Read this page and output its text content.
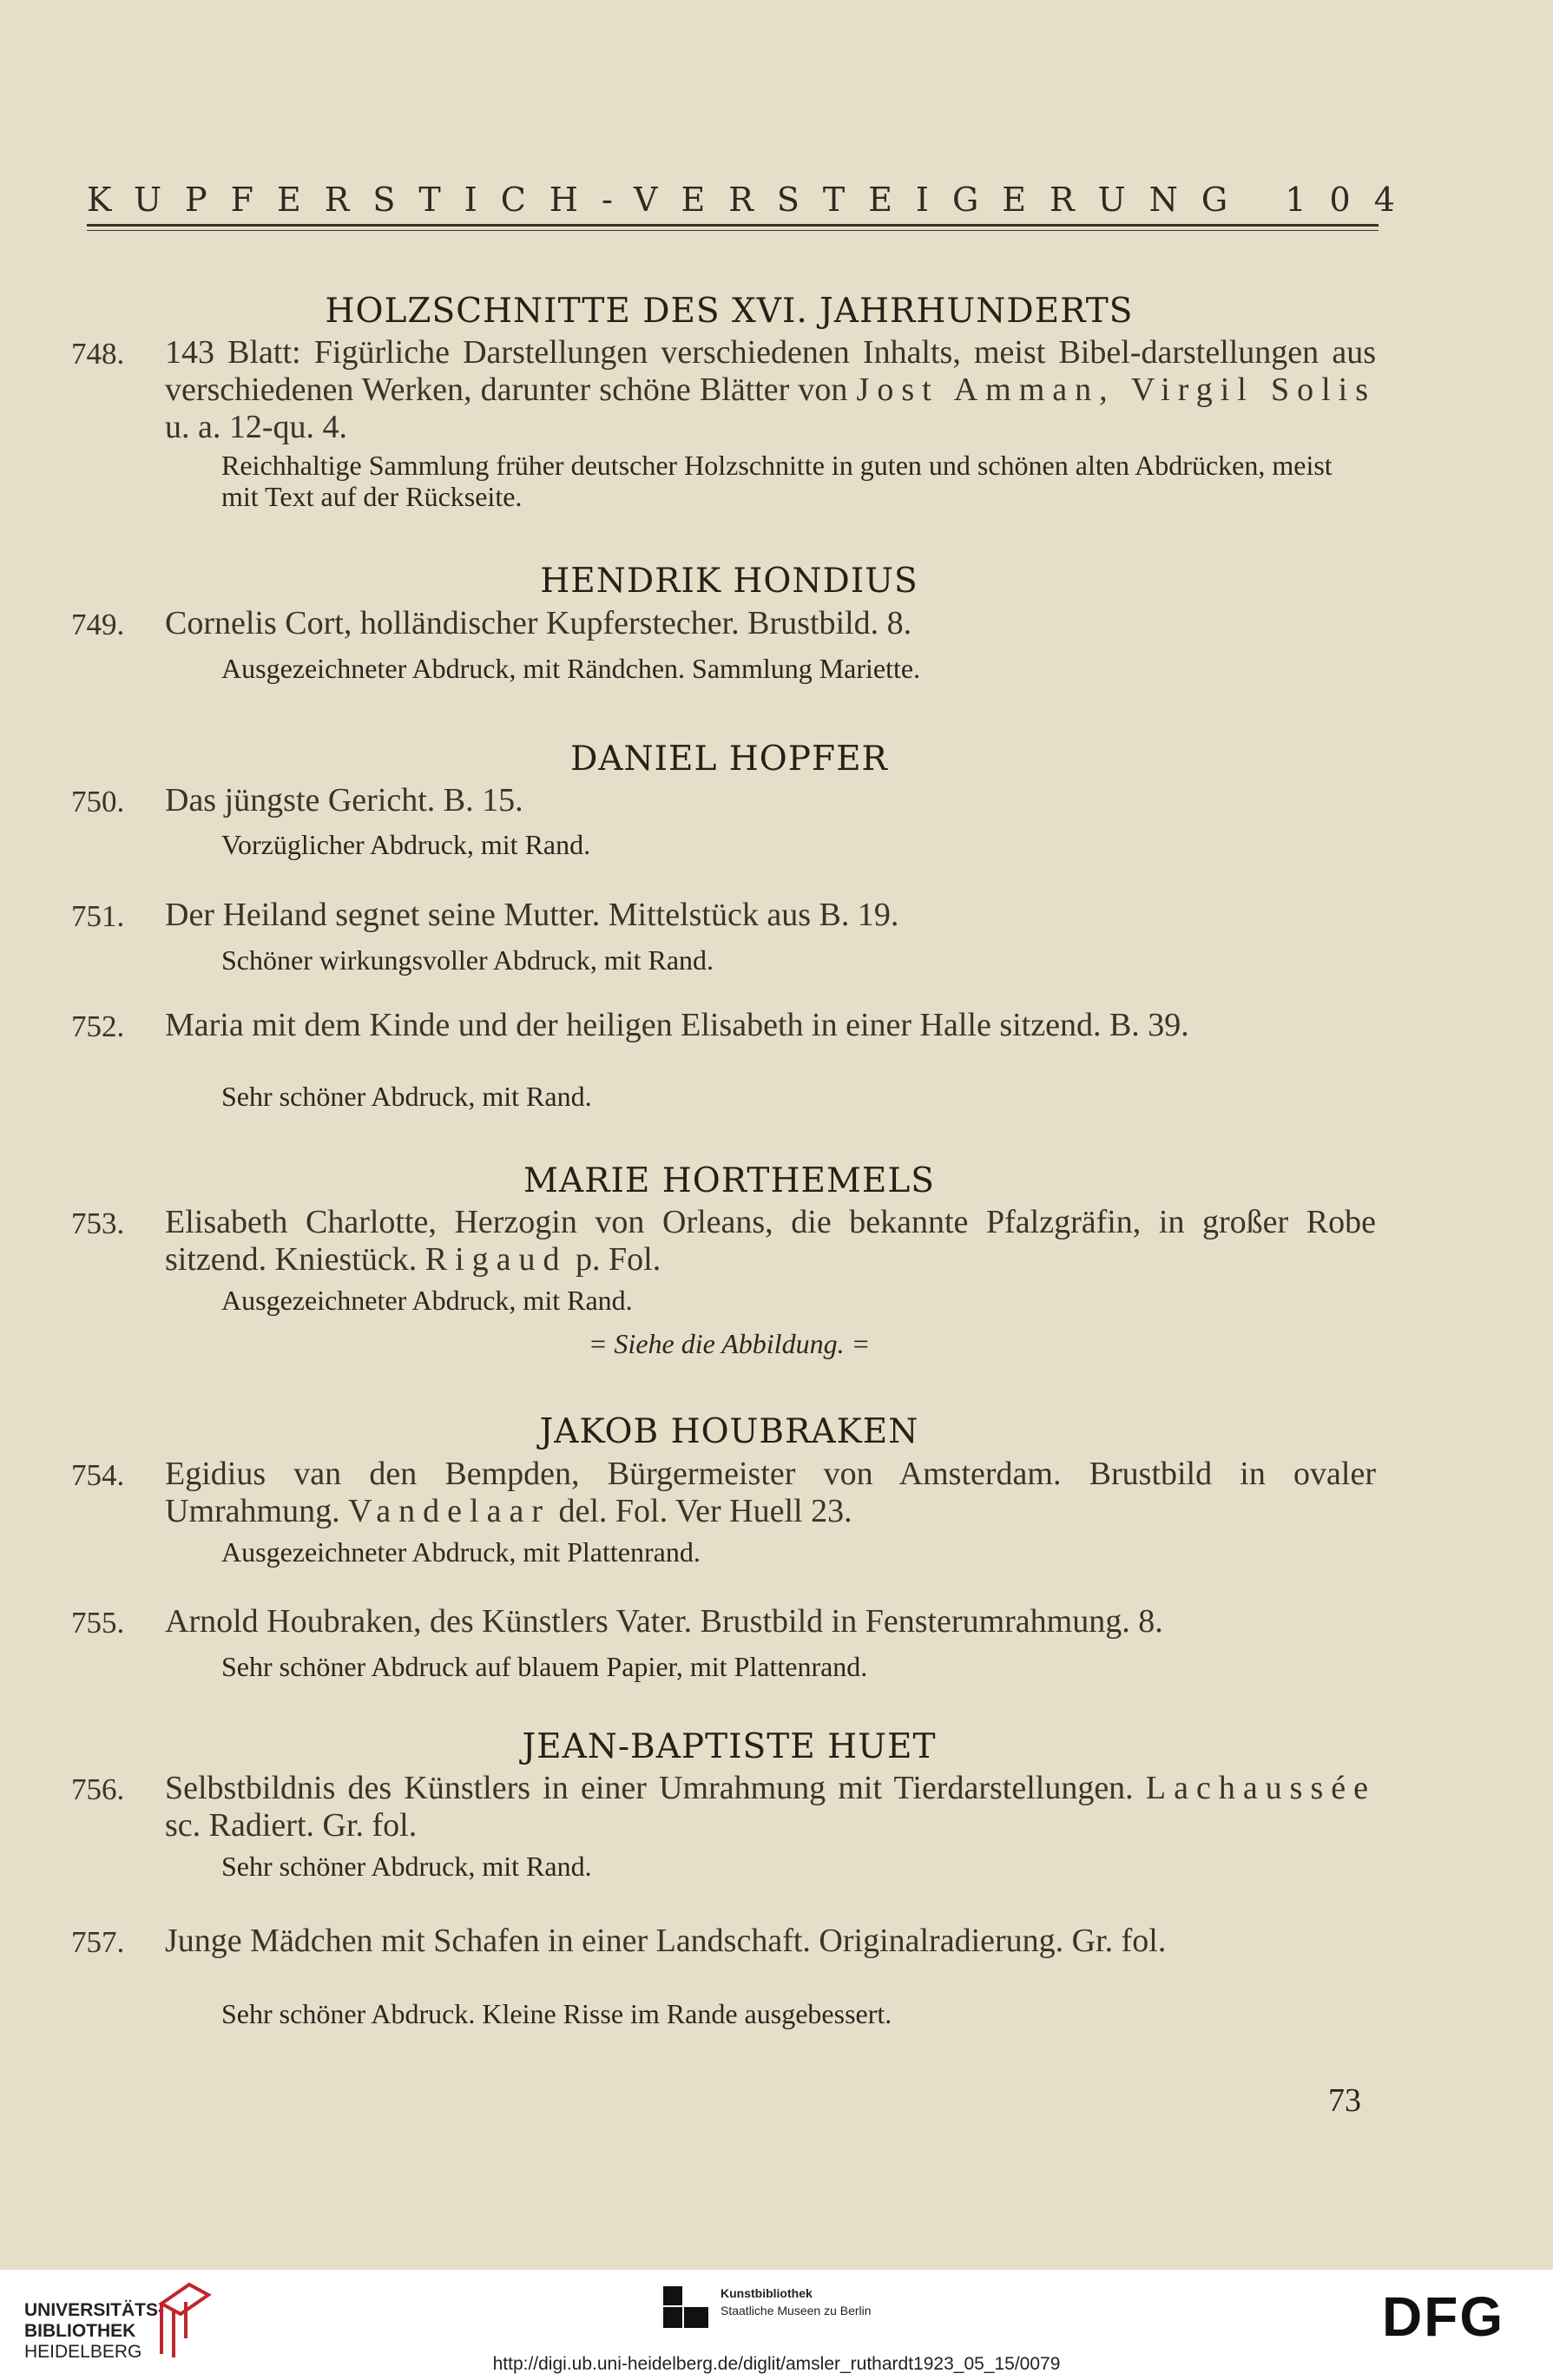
KUPFERSTICH-VERSTEIGERUNG 104
HOLZSCHNITTE DES XVI. JAHRHUNDERTS
748. 143 Blatt: Figürliche Darstellungen verschiedenen Inhalts, meist Bibel-darstellungen aus verschiedenen Werken, darunter schöne Blätter von Jost Amman, Virgil Solis u. a. 12-qu. 4.
Reichhaltige Sammlung früher deutscher Holzschnitte in guten und schönen alten Abdrücken, meist mit Text auf der Rückseite.
HENDRIK HONDIUS
749. Cornelis Cort, holländischer Kupferstecher. Brustbild. 8.
Ausgezeichneter Abdruck, mit Rändchen. Sammlung Mariette.
DANIEL HOPFER
750. Das jüngste Gericht. B. 15.
Vorzüglicher Abdruck, mit Rand.
751. Der Heiland segnet seine Mutter. Mittelstück aus B. 19.
Schöner wirkungsvoller Abdruck, mit Rand.
752. Maria mit dem Kinde und der heiligen Elisabeth in einer Halle sitzend. B. 39.
Sehr schöner Abdruck, mit Rand.
MARIE HORTHEMELS
753. Elisabeth Charlotte, Herzogin von Orleans, die bekannte Pfalzgräfin, in großer Robe sitzend. Kniestück. Rigaud p. Fol.
Ausgezeichneter Abdruck, mit Rand.
= Siehe die Abbildung. =
JAKOB HOUBRAKEN
754. Egidius van den Bempden, Bürgermeister von Amsterdam. Brustbild in ovaler Umrahmung. Vandelaar del. Fol. Ver Huell 23.
Ausgezeichneter Abdruck, mit Plattenrand.
755. Arnold Houbraken, des Künstlers Vater. Brustbild in Fensterumrahmung. 8.
Sehr schöner Abdruck auf blauem Papier, mit Plattenrand.
JEAN-BAPTISTE HUET
756. Selbstbildnis des Künstlers in einer Umrahmung mit Tierdarstellungen. Lachaussée sc. Radiert. Gr. fol.
Sehr schöner Abdruck, mit Rand.
757. Junge Mädchen mit Schafen in einer Landschaft. Originalradierung. Gr. fol.
Sehr schöner Abdruck. Kleine Risse im Rande ausgebessert.
73
UNIVERSITÄTS-
BIBLIOTHEK
HEIDELBERG
Kunstbibliothek
Staatliche Museen zu Berlin	DFG
http://digi.ub.uni-heidelberg.de/diglit/amsler_ruthardt1923_05_15/0079
